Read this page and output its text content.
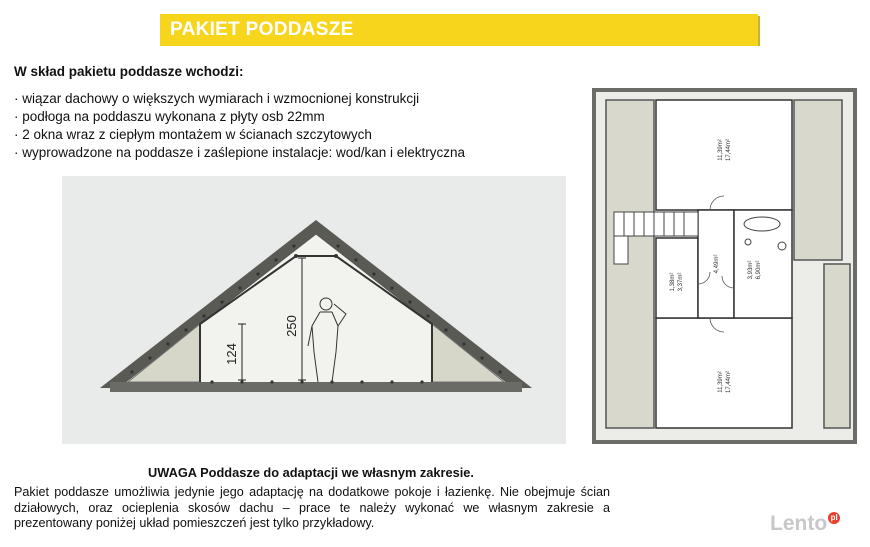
PAKIET PODDASZE
W skład pakietu poddasze wchodzi:
· wiązar dachowy o większych wymiarach i wzmocnionej konstrukcji
· podłoga na poddaszu wykonana z płyty osb 22mm
· 2 okna wraz z ciepłym montażem w ścianach szczytowych
· wyprowadzone na poddasze i zaślepione instalacje: wod/kan i elektryczna
250
124
11,39m² 17,44m²
11,39m² 17,44m²
4,49m²
1,38m² 3,37m²
3,93m² 6,90m²
UWAGA Poddasze do adaptacji we własnym zakresie.
Pakiet poddasze umożliwia jedynie jego adaptację na dodatkowe pokoje i łazienkę. Nie obejmuje ścian działowych, oraz ocieplenia skosów dachu – prace te należy wykonać we własnym zakresie a prezentowany poniżej układ pomieszczeń jest tylko przykładowy.	Lento pl
